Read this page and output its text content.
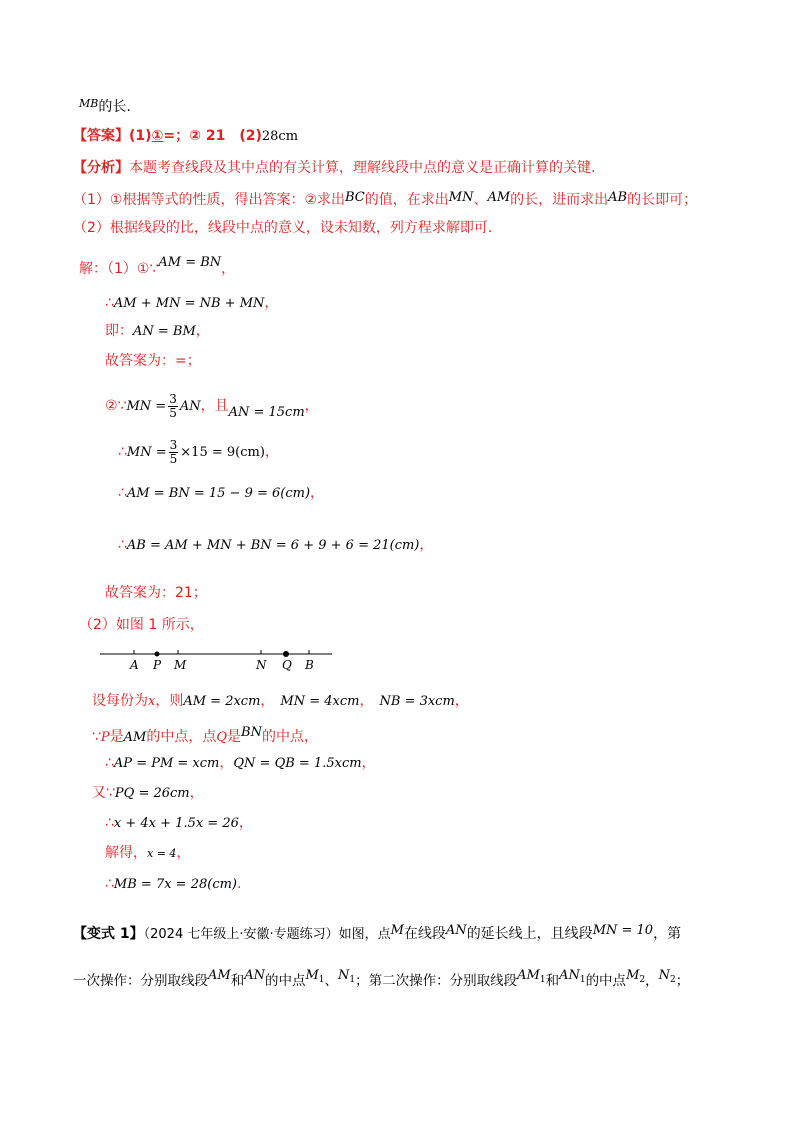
$^{MB}$的长.
【答案】(1)①=；② 21　(2)28cm
【分析】本题考查线段及其中点的有关计算，理解线段中点的意义是正确计算的关键.
（1）①根据等式的性质，得出答案：②求出BC的值，在求出MN、AM的长，进而求出AB的长即可；
（2）根据线段的比，线段中点的意义，设未知数，列方程求解即可.
解：（1）①∵AM = BN，
∴AM + MN = NB + MN，
即：AN = BM，
故答案为：=；
②∵MN = $\frac{3}{5}$ AN，且AN = 15cm，
∴MN = $\frac{3}{5} \times 15 = 9(cm)$，
∴AM = BN = 15 − 9 = 6(cm)，
∴AB = AM + MN + BN = 6 + 9 + 6 = 21(cm)，
故答案为：21；
（2）如图 1 所示，
A P M	N Q B
设每份为x，则AM = 2xcm， MN = 4xcm， NB = 3xcm，
∵P是AM的中点，点Q是BN的中点，
∴AP = PM = xcm，QN = QB = 1.5xcm，
又∵PQ = 26cm，
∴x + 4x + 1.5x = 26，
解得，x = 4，
∴MB = 7x = 28(cm).
【变式 1】（2024 七年级上·安徽·专题练习）如图，点M在线段AN的延长线上，且线段MN = 10，第
一次操作：分别取线段AM和AN的中点$M_1$、$N_1$；第二次操作：分别取线段$AM_1$和$AN_1$的中点$M_2$，$N_2$；
